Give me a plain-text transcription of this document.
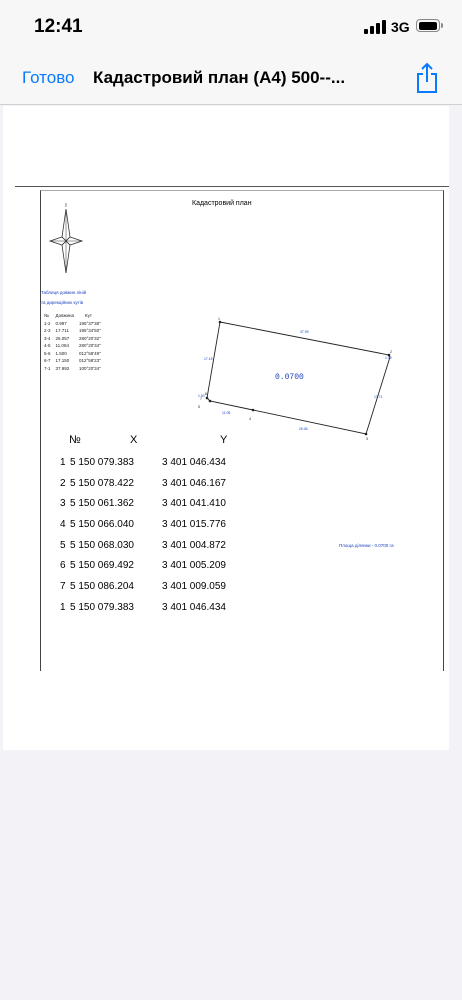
12:41	3G
Готово Кадастровий план (А4) 500--...
Кадастровий план
Таблиця довжин ліній
та дирекційних кутів
№	Довжина	Кут
1-2	0.997	195°37'38"
2-3	17.711	195°34'50"
3-4	26.057	280°20'32"
4-5	11.084	280°20'34"
5-6	1.500	012°58'49"
6-7	17.150	012°58'23"
7-1	37.992	100°20'34"
0.0700
1
2
3
4
5
6
7
37.99
1.00
17.71
26.06
11.08
1.50
17.15
№	X	Y
1	5 150 079.383	3 401 046.434
2	5 150 078.422	3 401 046.167
3	5 150 061.362	3 401 041.410
4	5 150 066.040	3 401 015.776
5	5 150 068.030	3 401 004.872
6	5 150 069.492	3 401 005.209
7	5 150 086.204	3 401 009.059
1	5 150 079.383	3 401 046.434
Площа ділянки - 0.0700 га
